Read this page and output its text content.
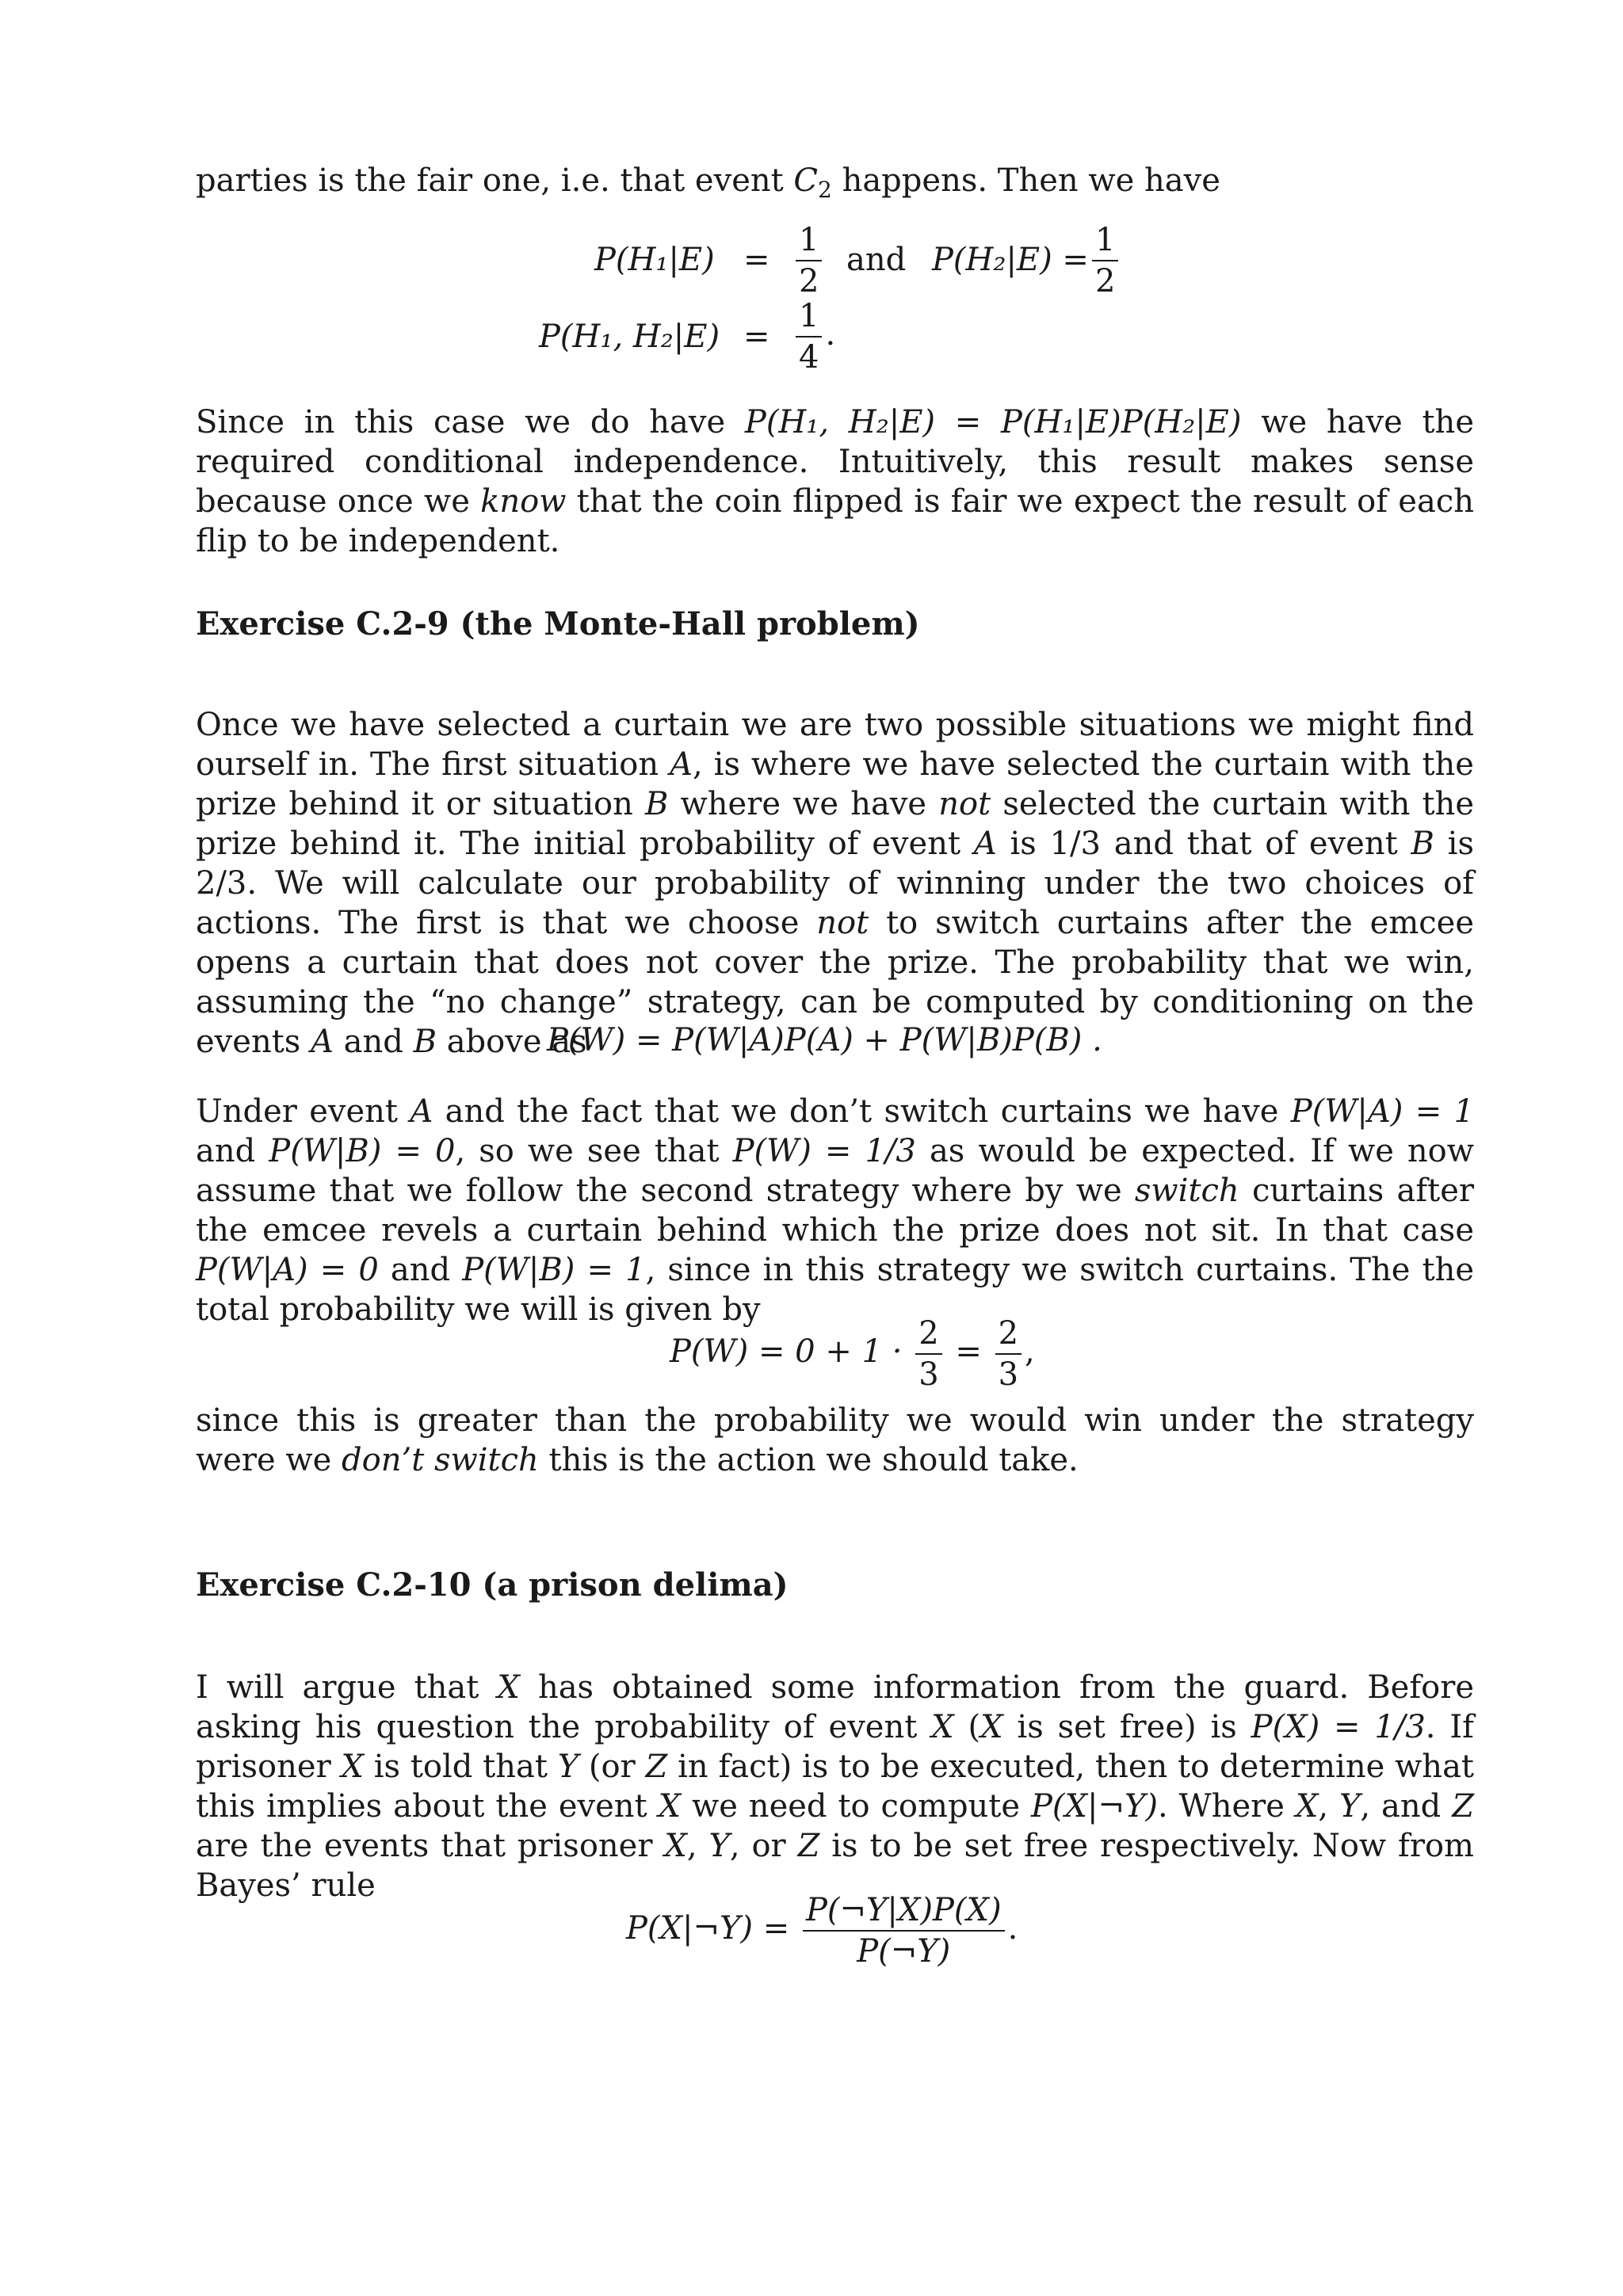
parties is the fair one, i.e. that event $C_2$ happens. Then we have

$P(H_1|E) = \frac{1}{2}$ and $P(H_2|E) = \frac{1}{2}$
P(H₁, $H_2|E) = \frac{1}{4}$ .

Since in this case we do have P(H₁, H₂|E) = P(H₁|E)P(H₂|E) we have the required conditional independence. Intuitively, this result makes sense because once we know that the coin flipped is fair we expect the result of each flip to be independent.

Exercise C.2-9 (the Monte-Hall problem)

Once we have selected a curtain we are two possible situations we might find ourself in. The first situation A, is where we have selected the curtain with the prize behind it or situation B where we have not selected the curtain with the prize behind it. The initial probability of event A is 1/3 and that of event B is 2/3. We will calculate our probability of winning under the two choices of actions. The first is that we choose not to switch curtains after the emcee opens a curtain that does not cover the prize. The probability that we win, assuming the “no change” strategy, can be computed by conditioning on the events A and B above as

P(W) = P(W|A)P(A) + P(W|B)P(B) .

Under event A and the fact that we don’t switch curtains we have P(W|A) = 1 and P(W|B) = 0, so we see that P(W) = 1/3 as would be expected. If we now assume that we follow the second strategy where by we switch curtains after the emcee revels a curtain behind which the prize does not sit. In that case P(W|A) = 0 and P(W|B) = 1, since in this strategy we switch curtains. The the total probability we will is given by

$P(W) = 0 + 1 \cdot \frac{2}{3} = \frac{2}{3}$ ,

since this is greater than the probability we would win under the strategy were we don’t switch this is the action we should take.

Exercise C.2-10 (a prison delima)

I will argue that X has obtained some information from the guard. Before asking his question the probability of event X (X is set free) is P(X) = 1/3. If prisoner X is told that Y (or Z in fact) is to be executed, then to determine what this implies about the event X we need to compute P(X|¬Y). Where X, Y, and Z are the events that prisoner X, Y, or Z is to be set free respectively. Now from Bayes’ rule

P(X|¬Y) = $\frac{P(\neg Y|X)P(X)}{P(\neg Y)}$ .
